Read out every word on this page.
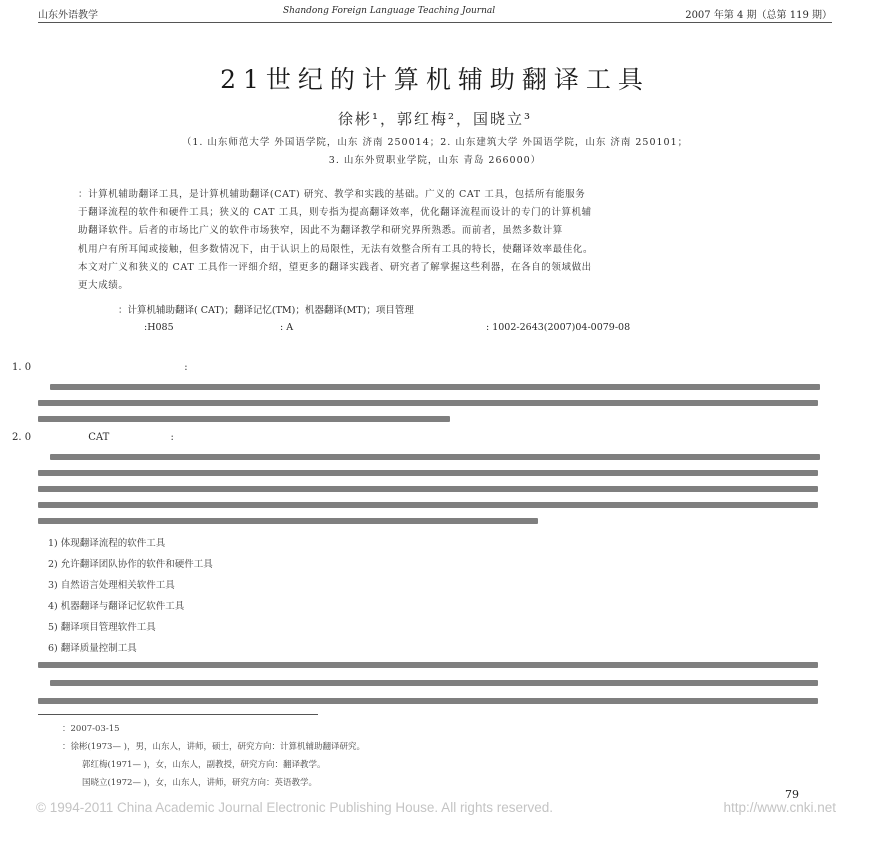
山东外语教学	Shandong Foreign Language Teaching Journal	2007 年第 4 期（总第 119 期）
21世纪的计算机辅助翻译工具
徐彬¹，郭红梅²，国晓立³
（1. 山东师范大学 外国语学院，山东 济南 250014；2. 山东建筑大学 外国语学院，山东 济南 250101；
3. 山东外贸职业学院，山东 青岛 266000）
：计算机辅助翻译工具，是计算机辅助翻译(CAT) 研究、教学和实践的基础。广义的 CAT 工具，包括所有能服务
于翻译流程的软件和硬件工具；狭义的 CAT 工具，则专指为提高翻译效率，优化翻译流程而设计的专门的计算机辅
助翻译软件。后者的市场比广义的软件市场狭窄，因此不为翻译教学和研究界所熟悉。而前者，虽然多数计算
机用户有所耳闻或接触，但多数情况下，由于认识上的局限性，无法有效整合所有工具的特长，使翻译效率最佳化。
本文对广义和狭义的 CAT 工具作一评细介绍，望更多的翻译实践者、研究者了解掌握这些利器，在各自的领域做出
更大成绩。
：计算机辅助翻译( CAT)；翻译记忆(TM)；机器翻译(MT)；项目管理
:H085	: A	: 1002-2643(2007)04-0079-08
1. 0	:
2. 0	CAT	:
1) 体现翻译流程的软件工具
2) 允许翻译团队协作的软件和硬件工具
3) 自然语言处理相关软件工具
4) 机器翻译与翻译记忆软件工具
5) 翻译项目管理软件工具
6) 翻译质量控制工具
：2007-03-15
：徐彬(1973— )，男，山东人，讲师，硕士，研究方向：计算机辅助翻译研究。
郭红梅(1971— )，女，山东人，副教授，研究方向：翻译教学。
国晓立(1972— )，女，山东人，讲师，研究方向：英语教学。
79
© 1994-2011 China Academic Journal Electronic Publishing House. All rights reserved.	http://www.cnki.net
